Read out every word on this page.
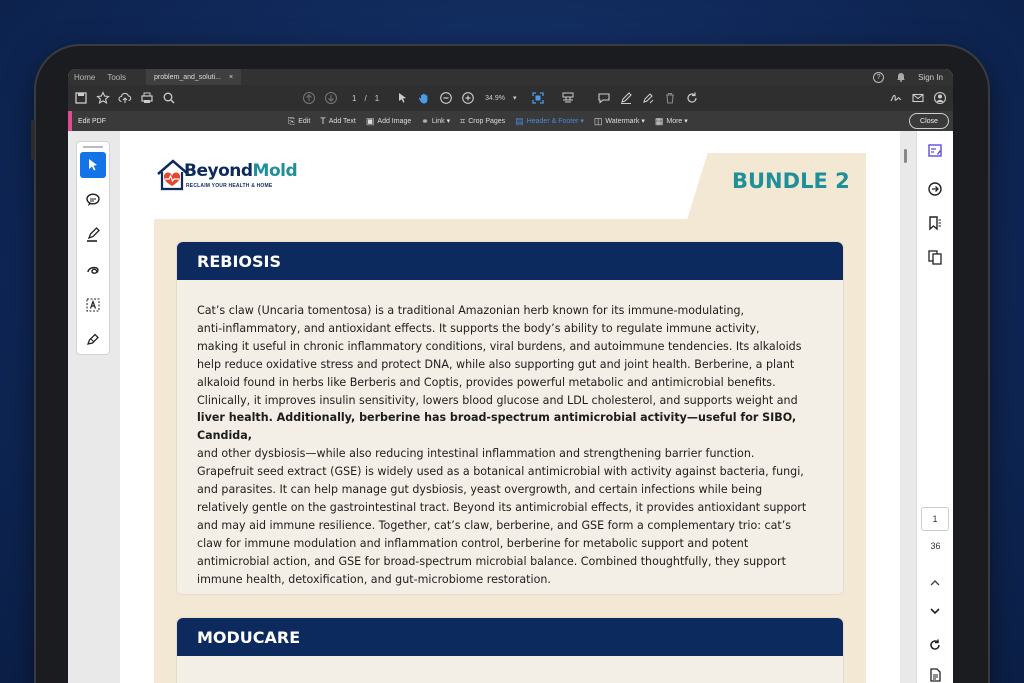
Home	Tools	problem_and_soluti... ×	?	Sign In
1 / 1	34.9% ▾
Edit PDF	⎘ Edit T Add Text ▣ Add Image ⚭ Link ▾ ⌗ Crop Pages ▤ Header & Footer ▾ ◫ Watermark ▾ ▦ More ▾	Close
BUNDLE 2
BeyondMold
RECLAIM YOUR HEALTH & HOME
REBIOSIS
Cat’s claw (Uncaria tomentosa) is a traditional Amazonian herb known for its immune-modulating,
anti-inflammatory, and antioxidant effects. It supports the body’s ability to regulate immune activity,
making it useful in chronic inflammatory conditions, viral burdens, and autoimmune tendencies. Its alkaloids
help reduce oxidative stress and protect DNA, while also supporting gut and joint health. Berberine, a plant
alkaloid found in herbs like Berberis and Coptis, provides powerful metabolic and antimicrobial benefits.
Clinically, it improves insulin sensitivity, lowers blood glucose and LDL cholesterol, and supports weight and
liver health. Additionally, berberine has broad-spectrum antimicrobial activity—useful for SIBO, Candida,
and other dysbiosis—while also reducing intestinal inflammation and strengthening barrier function.
Grapefruit seed extract (GSE) is widely used as a botanical antimicrobial with activity against bacteria, fungi,
and parasites. It can help manage gut dysbiosis, yeast overgrowth, and certain infections while being
relatively gentle on the gastrointestinal tract. Beyond its antimicrobial effects, it provides antioxidant support
and may aid immune resilience. Together, cat’s claw, berberine, and GSE form a complementary trio: cat’s
claw for immune modulation and inflammation control, berberine for metabolic support and potent
antimicrobial action, and GSE for broad-spectrum microbial balance. Combined thoughtfully, they support
immune health, detoxification, and gut-microbiome restoration.
MODUCARE
1
36
